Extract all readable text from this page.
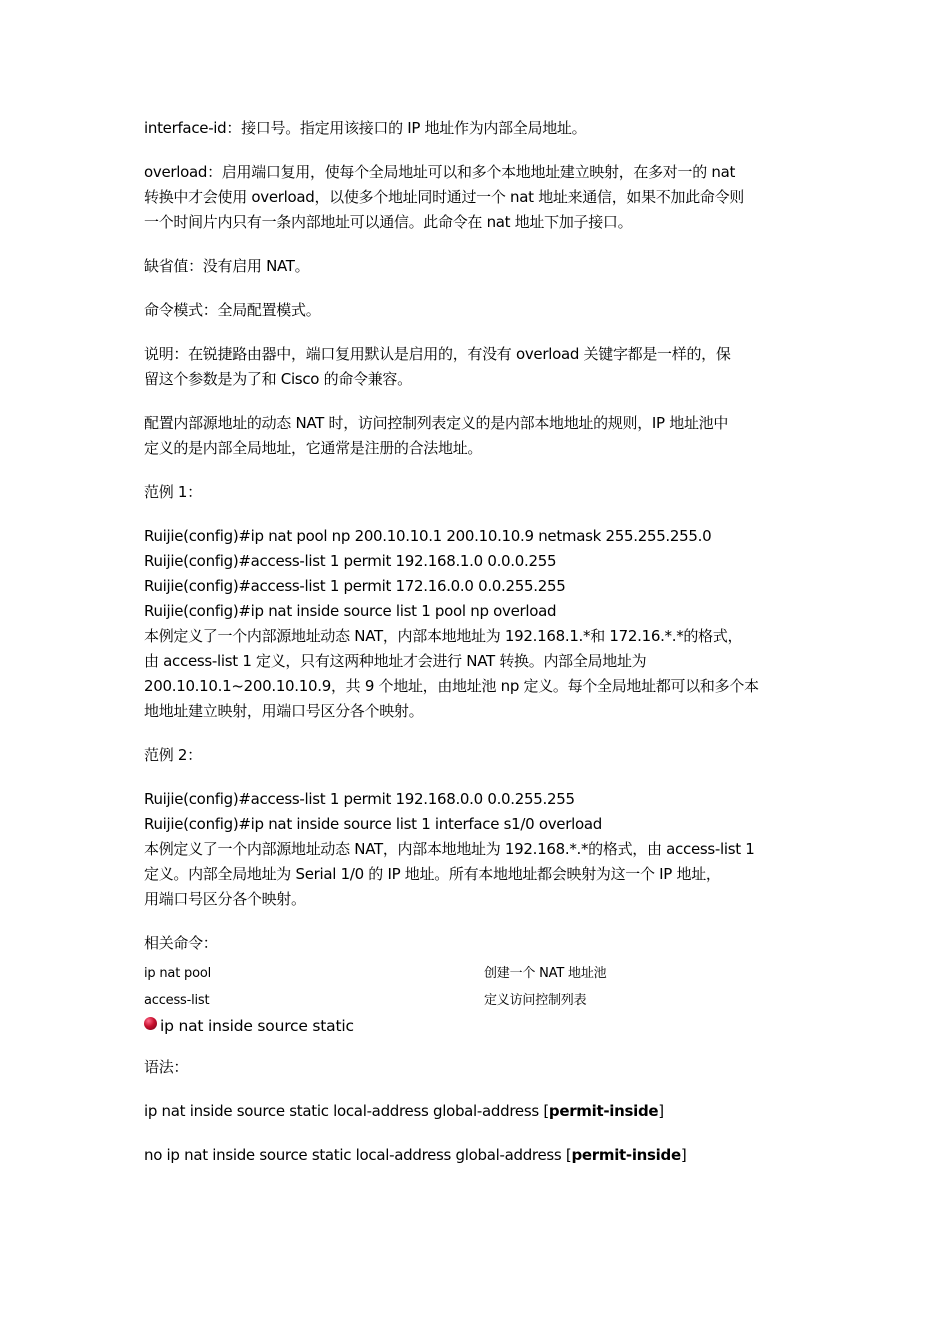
interface-id：接口号。指定用该接口的 IP 地址作为内部全局地址。
overload：启用端口复用，使每个全局地址可以和多个本地地址建立映射，在多对一的 nat
转换中才会使用 overload，以使多个地址同时通过一个 nat 地址来通信，如果不加此命令则
一个时间片内只有一条内部地址可以通信。此命令在 nat 地址下加子接口。
缺省值：没有启用 NAT。
命令模式：全局配置模式。
说明：在锐捷路由器中，端口复用默认是启用的，有没有 overload 关键字都是一样的，保
留这个参数是为了和 Cisco 的命令兼容。
配置内部源地址的动态 NAT 时，访问控制列表定义的是内部本地地址的规则，IP 地址池中
定义的是内部全局地址，它通常是注册的合法地址。
范例 1：
Ruijie(config)#ip nat pool np 200.10.10.1 200.10.10.9 netmask 255.255.255.0
Ruijie(config)#access-list 1 permit 192.168.1.0 0.0.0.255
Ruijie(config)#access-list 1 permit 172.16.0.0 0.0.255.255
Ruijie(config)#ip nat inside source list 1 pool np overload
本例定义了一个内部源地址动态 NAT，内部本地地址为 192.168.1.*和 172.16.*.*的格式，
由 access-list 1 定义，只有这两种地址才会进行 NAT 转换。内部全局地址为
200.10.10.1~200.10.10.9，共 9 个地址，由地址池 np 定义。每个全局地址都可以和多个本
地地址建立映射，用端口号区分各个映射。
范例 2：
Ruijie(config)#access-list 1 permit 192.168.0.0 0.0.255.255
Ruijie(config)#ip nat inside source list 1 interface s1/0 overload
本例定义了一个内部源地址动态 NAT，内部本地地址为 192.168.*.*的格式，由 access-list 1
定义。内部全局地址为 Serial 1/0 的 IP 地址。所有本地地址都会映射为这一个 IP 地址，
用端口号区分各个映射。
相关命令：
ip nat pool	创建一个 NAT 地址池
access-list	定义访问控制列表
ip nat inside source static
语法：
ip nat inside source static local-address global-address [permit-inside]
no ip nat inside source static local-address global-address [permit-inside]
